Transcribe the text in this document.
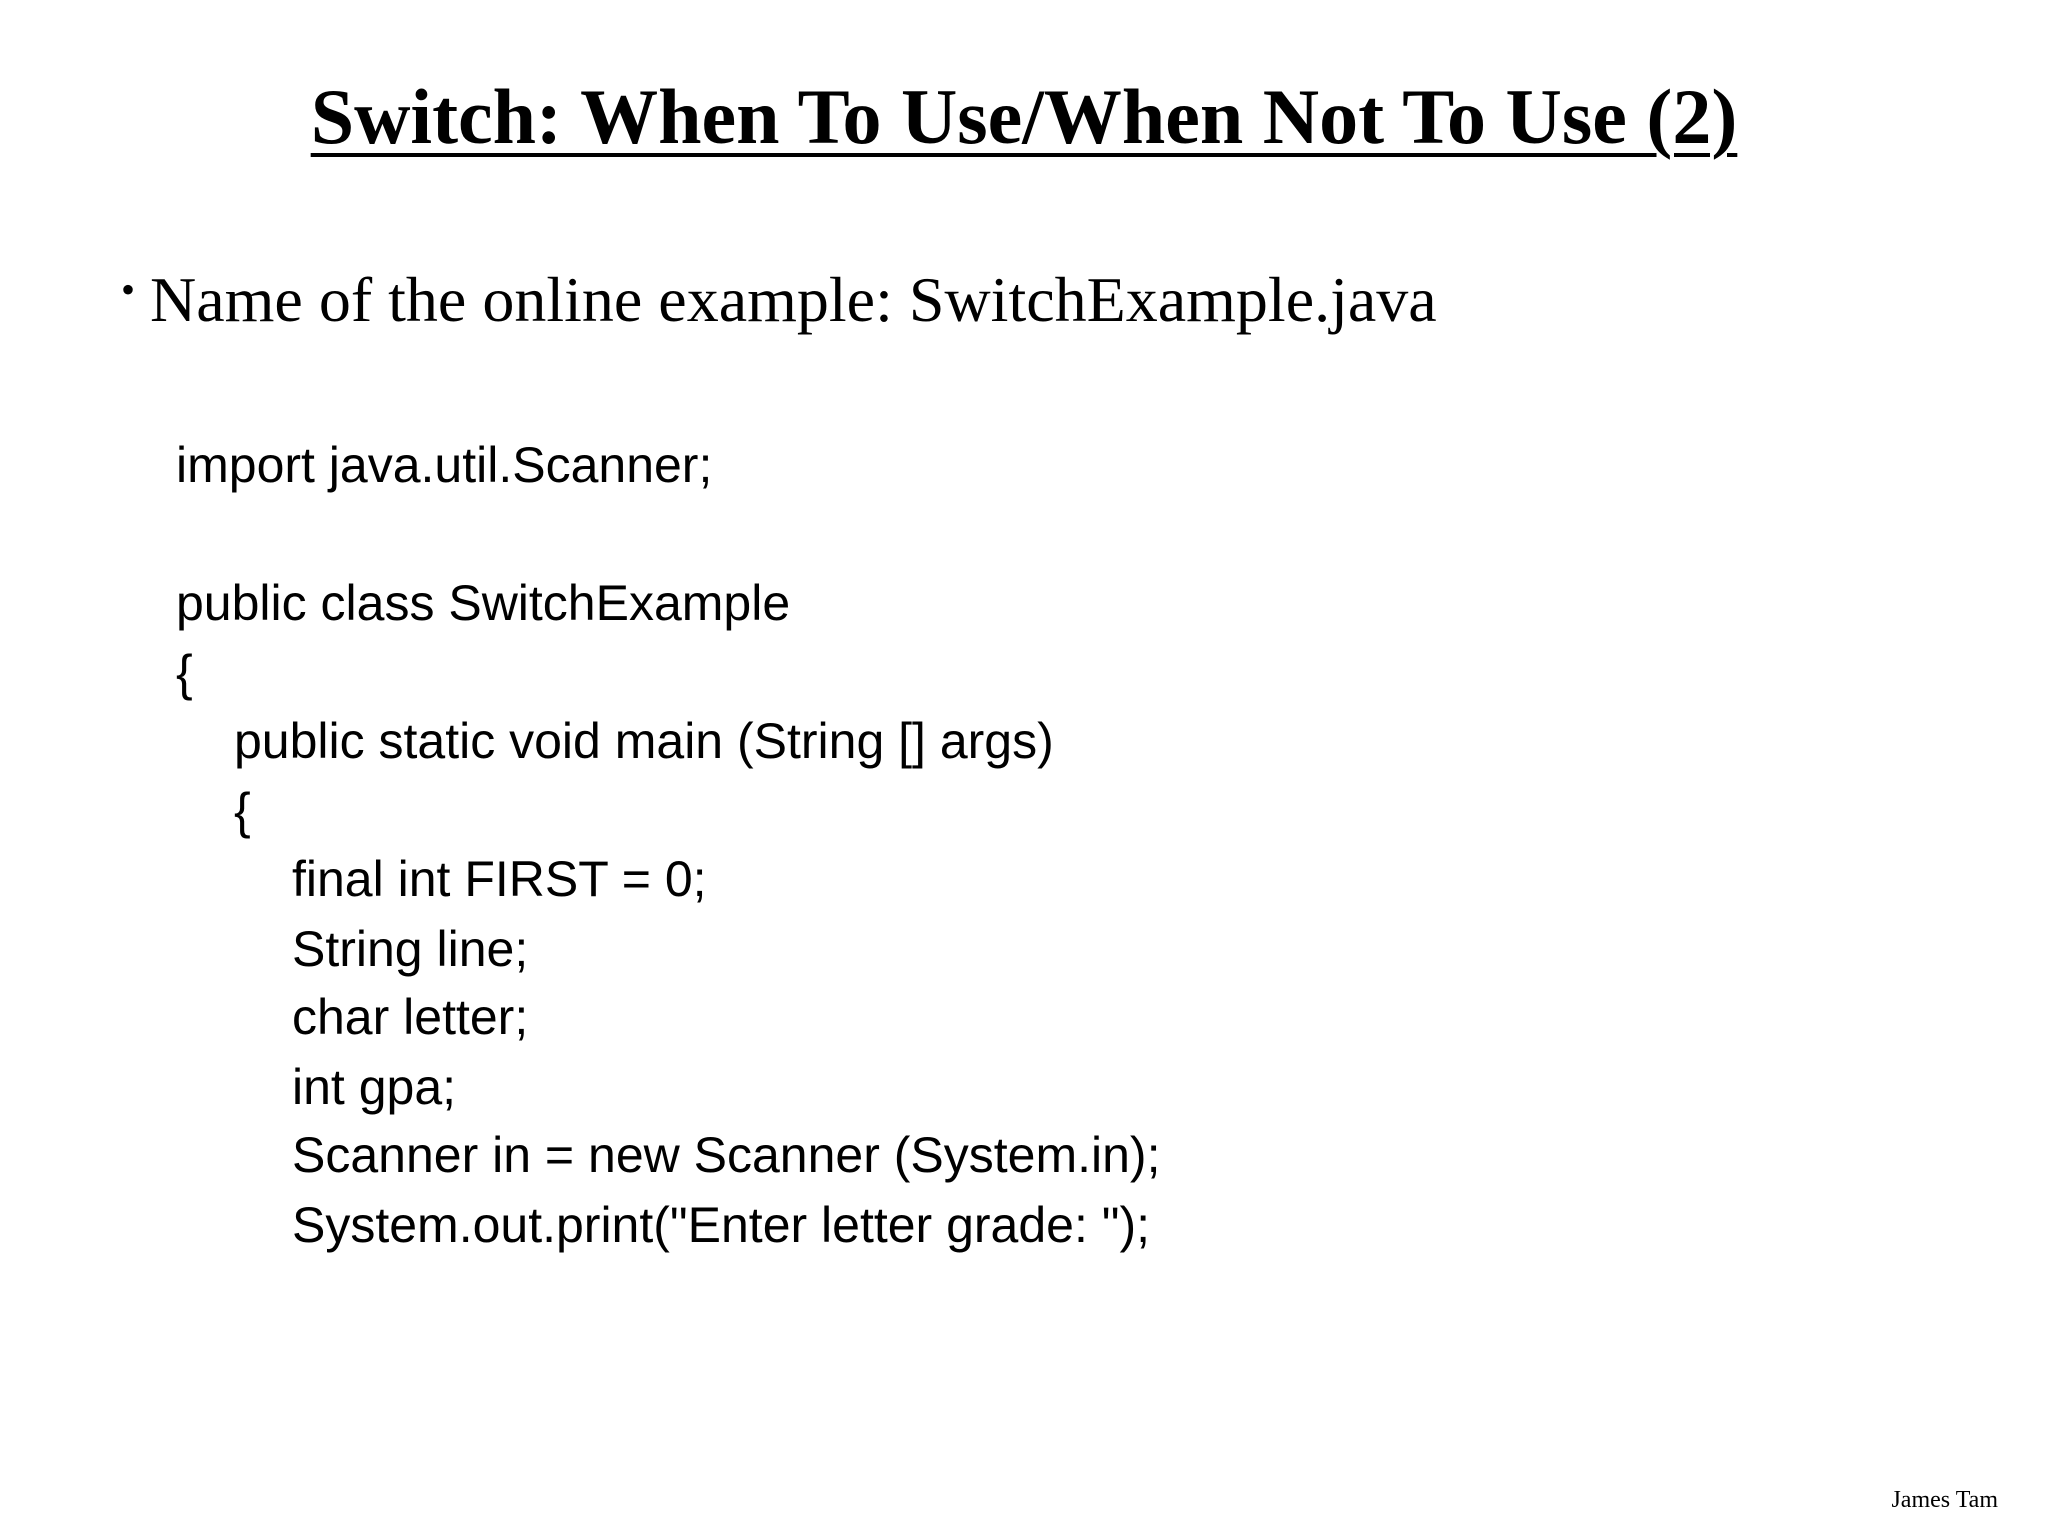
Switch: When To Use/When Not To Use (2)
• Name of the online example: SwitchExample.java
import java.util.Scanner;
public class SwitchExample
{
public static void main (String [] args)
{
final int FIRST = 0;
String line;
char letter;
int gpa;
Scanner in = new Scanner (System.in);
System.out.print("Enter letter grade: ");
James Tam
